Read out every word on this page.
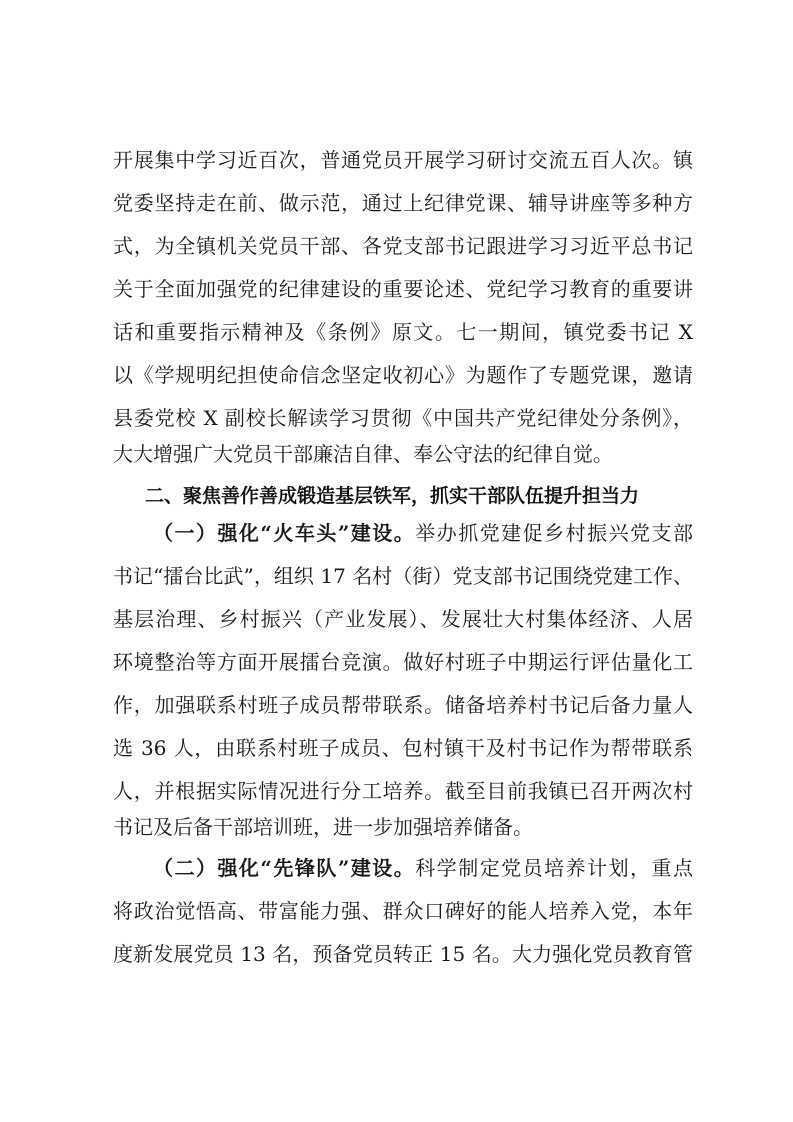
开展集中学习近百次，普通党员开展学习研讨交流五百人次。镇
党委坚持走在前、做示范，通过上纪律党课、辅导讲座等多种方
式，为全镇机关党员干部、各党支部书记跟进学习习近平总书记
关于全面加强党的纪律建设的重要论述、党纪学习教育的重要讲
话和重要指示精神及《条例》原文。七一期间，镇党委书记 X
以《学规明纪担使命信念坚定收初心》为题作了专题党课，邀请
县委党校 X 副校长解读学习贯彻《中国共产党纪律处分条例》，
大大增强广大党员干部廉洁自律、奉公守法的纪律自觉。
二、聚焦善作善成锻造基层铁军，抓实干部队伍提升担当力
（一）强化“火车头”建设。举办抓党建促乡村振兴党支部
书记“擂台比武”，组织 17 名村（街）党支部书记围绕党建工作、
基层治理、乡村振兴（产业发展）、发展壮大村集体经济、人居
环境整治等方面开展擂台竞演。做好村班子中期运行评估量化工
作，加强联系村班子成员帮带联系。储备培养村书记后备力量人
选 36 人，由联系村班子成员、包村镇干及村书记作为帮带联系
人，并根据实际情况进行分工培养。截至目前我镇已召开两次村
书记及后备干部培训班，进一步加强培养储备。
（二）强化“先锋队”建设。科学制定党员培养计划，重点
将政治觉悟高、带富能力强、群众口碑好的能人培养入党，本年
度新发展党员 13 名，预备党员转正 15 名。大力强化党员教育管
